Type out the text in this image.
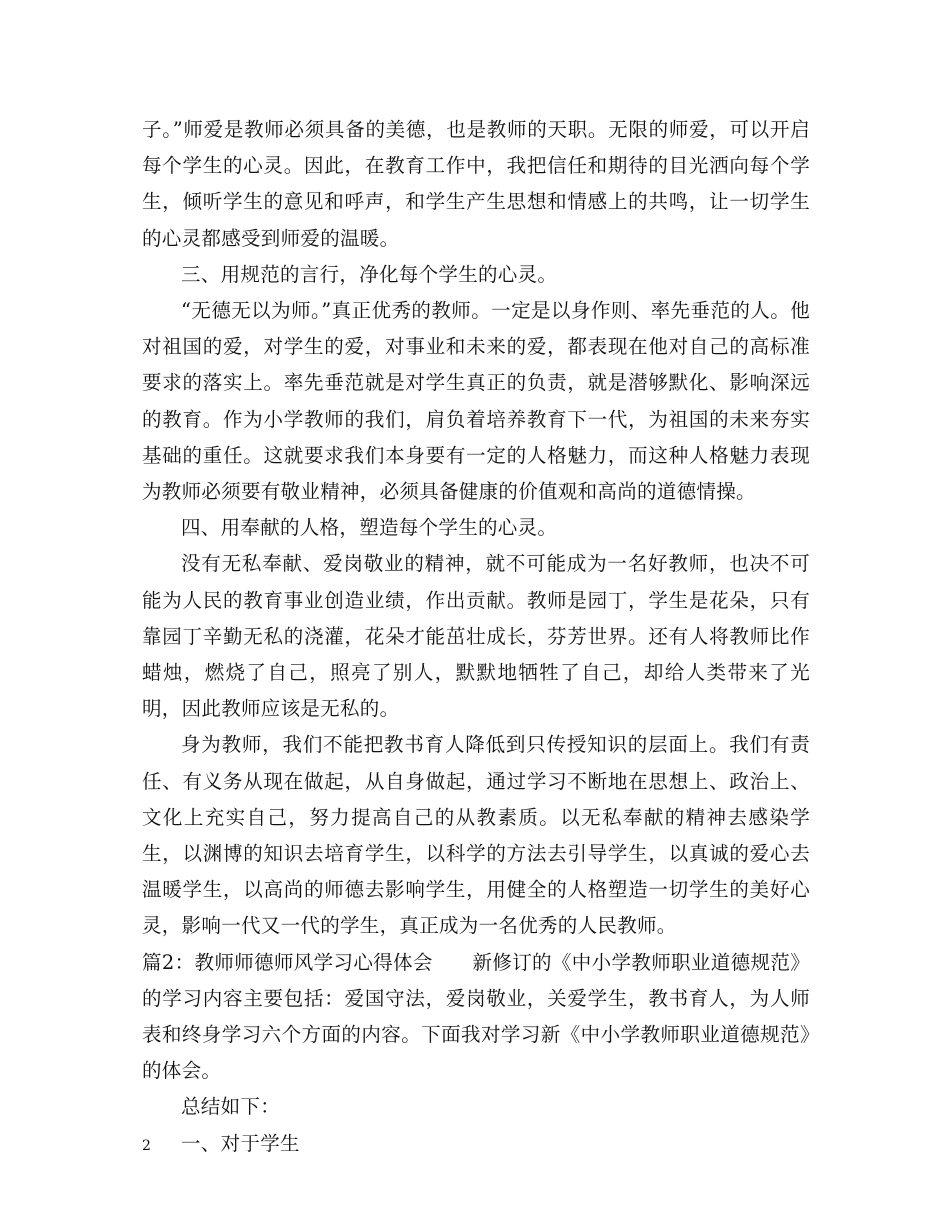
子。”师爱是教师必须具备的美德，也是教师的天职。无限的师爱，可以开启每个学生的心灵。因此，在教育工作中，我把信任和期待的目光洒向每个学生，倾听学生的意见和呼声，和学生产生思想和情感上的共鸣，让一切学生的心灵都感受到师爱的温暖。

三、用规范的言行，净化每个学生的心灵。

“无德无以为师。”真正优秀的教师。一定是以身作则、率先垂范的人。他对祖国的爱，对学生的爱，对事业和未来的爱，都表现在他对自己的高标准要求的落实上。率先垂范就是对学生真正的负责，就是潜够默化、影响深远的教育。作为小学教师的我们，肩负着培养教育下一代，为祖国的未来夯实基础的重任。这就要求我们本身要有一定的人格魅力，而这种人格魅力表现为教师必须要有敬业精神，必须具备健康的价值观和高尚的道德情操。

四、用奉献的人格，塑造每个学生的心灵。

没有无私奉献、爱岗敬业的精神，就不可能成为一名好教师，也决不可能为人民的教育事业创造业绩，作出贡献。教师是园丁，学生是花朵，只有靠园丁辛勤无私的浇灌，花朵才能茁壮成长，芬芳世界。还有人将教师比作蜡烛，燃烧了自己，照亮了别人，默默地牺牲了自己，却给人类带来了光明，因此教师应该是无私的。

身为教师，我们不能把教书育人降低到只传授知识的层面上。我们有责任、有义务从现在做起，从自身做起，通过学习不断地在思想上、政治上、文化上充实自己，努力提高自己的从教素质。以无私奉献的精神去感染学生，以渊博的知识去培育学生，以科学的方法去引导学生，以真诚的爱心去温暖学生，以高尚的师德去影响学生，用健全的人格塑造一切学生的美好心灵，影响一代又一代的学生，真正成为一名优秀的人民教师。

篇2：教师师德师风学习心得体会　　新修订的《中小学教师职业道德规范》的学习内容主要包括：爱国守法，爱岗敬业，关爱学生，教书育人，为人师表和终身学习六个方面的内容。下面我对学习新《中小学教师职业道德规范》的体会。

总结如下：

一、对于学生

2
